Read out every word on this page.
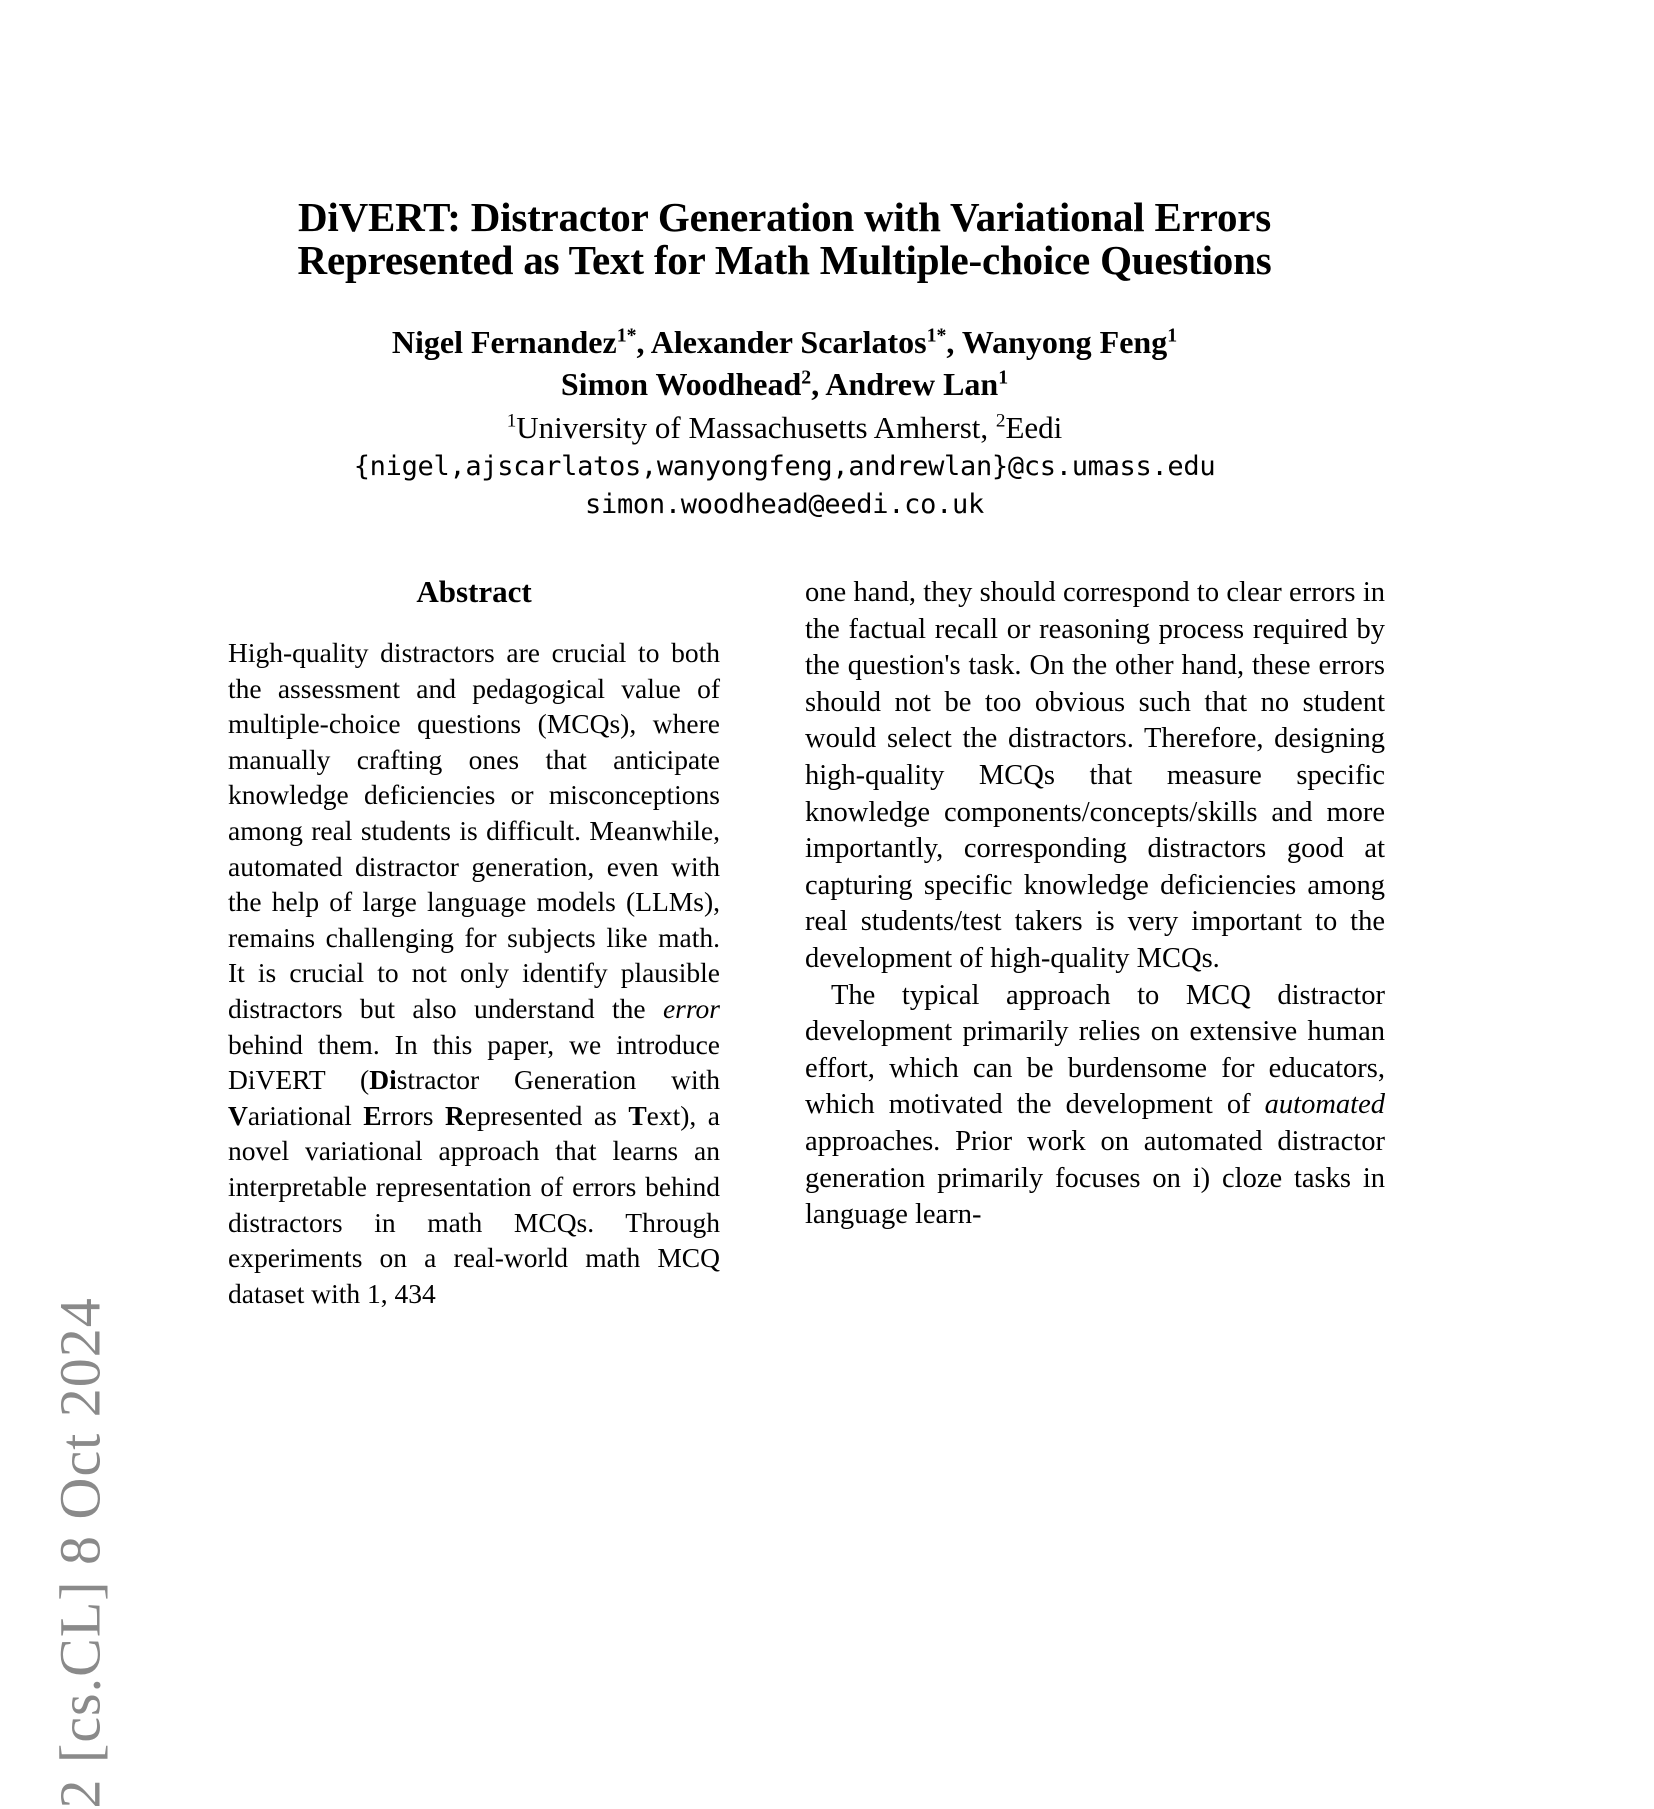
2 [cs.CL] 8 Oct 2024
DiVERT: Distractor Generation with Variational Errors
Represented as Text for Math Multiple-choice Questions
Nigel Fernandez$^{1*}$, Alexander Scarlatos$^{1*}$, Wanyong Feng$^1$
Simon Woodhead$^2$, Andrew Lan$^1$
$^1$University of Massachusetts Amherst, $^2$Eedi
{nigel,ajscarlatos,wanyongfeng,andrewlan}@cs.umass.edu
simon.woodhead@eedi.co.uk
Abstract

High-quality distractors are crucial to both the assessment and pedagogical value of multiple-choice questions (MCQs), where manually crafting ones that anticipate knowledge deficiencies or misconceptions among real students is difficult. Meanwhile, automated distractor generation, even with the help of large language models (LLMs), remains challenging for subjects like math. It is crucial to not only identify plausible distractors but also understand the error behind them. In this paper, we introduce DiVERT (Distractor Generation with Variational Errors Represented as Text), a novel variational approach that learns an interpretable representation of errors behind distractors in math MCQs. Through experiments on a real-world math MCQ dataset with 1, 434

one hand, they should correspond to clear errors in the factual recall or reasoning process required by the question's task. On the other hand, these errors should not be too obvious such that no student would select the distractors. Therefore, designing high-quality MCQs that measure specific knowledge components/concepts/skills and more importantly, corresponding distractors good at capturing specific knowledge deficiencies among real students/test takers is very important to the development of high-quality MCQs.

The typical approach to MCQ distractor development primarily relies on extensive human effort, which can be burdensome for educators, which motivated the development of automated approaches. Prior work on automated distractor generation primarily focuses on i) cloze tasks in language learn-
